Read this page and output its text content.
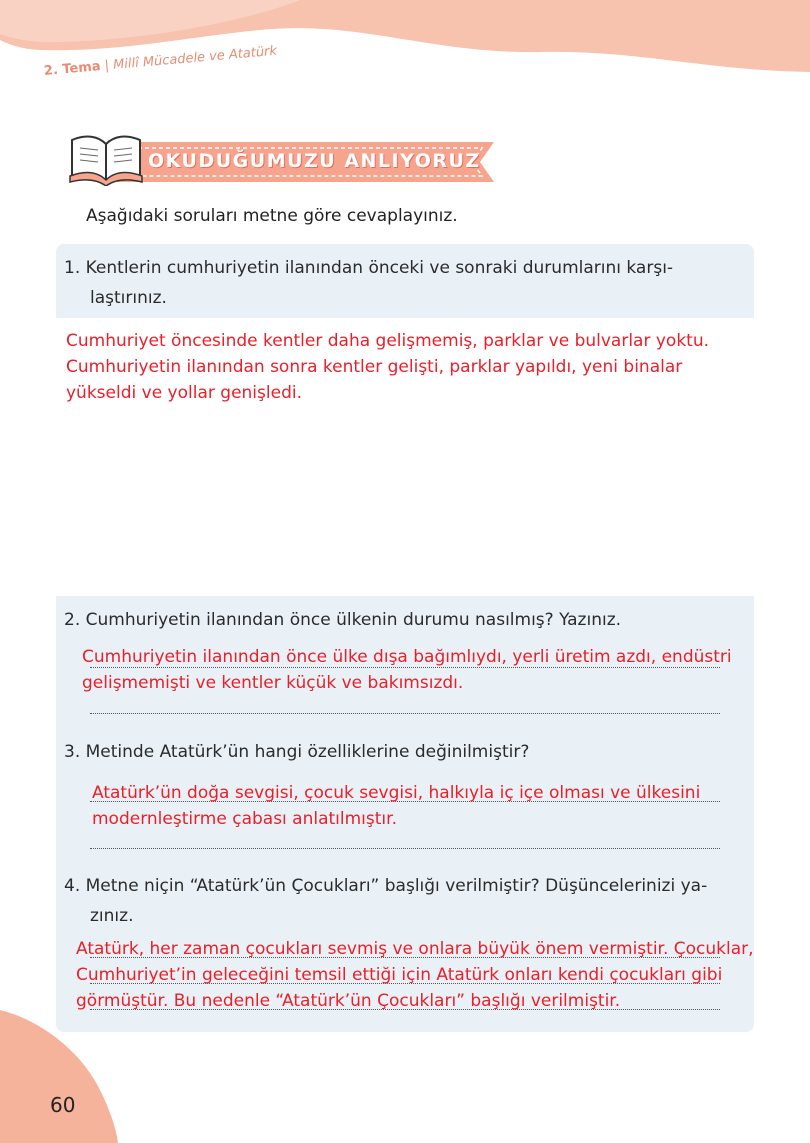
2. Tema | Millî Mücadele ve Atatürk
OKUDUĞUMUZU ANLIYORUZ
Aşağıdaki soruları metne göre cevaplayınız.
1. Kentlerin cumhuriyetin ilanından önceki ve sonraki durumlarını karşı-
laştırınız.
Cumhuriyet öncesinde kentler daha gelişmemiş, parklar ve bulvarlar yoktu.
Cumhuriyetin ilanından sonra kentler gelişti, parklar yapıldı, yeni binalar
yükseldi ve yollar genişledi.
2. Cumhuriyetin ilanından önce ülkenin durumu nasılmış? Yazınız.
Cumhuriyetin ilanından önce ülke dışa bağımlıydı, yerli üretim azdı, endüstri
gelişmemişti ve kentler küçük ve bakımsızdı.
3. Metinde Atatürk’ün hangi özelliklerine değinilmiştir?
Atatürk’ün doğa sevgisi, çocuk sevgisi, halkıyla iç içe olması ve ülkesini
modernleştirme çabası anlatılmıştır.
4. Metne niçin “Atatürk’ün Çocukları” başlığı verilmiştir? Düşüncelerinizi ya-
zınız.
Atatürk, her zaman çocukları sevmiş ve onlara büyük önem vermiştir. Çocuklar,
Cumhuriyet’in geleceğini temsil ettiği için Atatürk onları kendi çocukları gibi
görmüştür. Bu nedenle “Atatürk’ün Çocukları” başlığı verilmiştir.
60
